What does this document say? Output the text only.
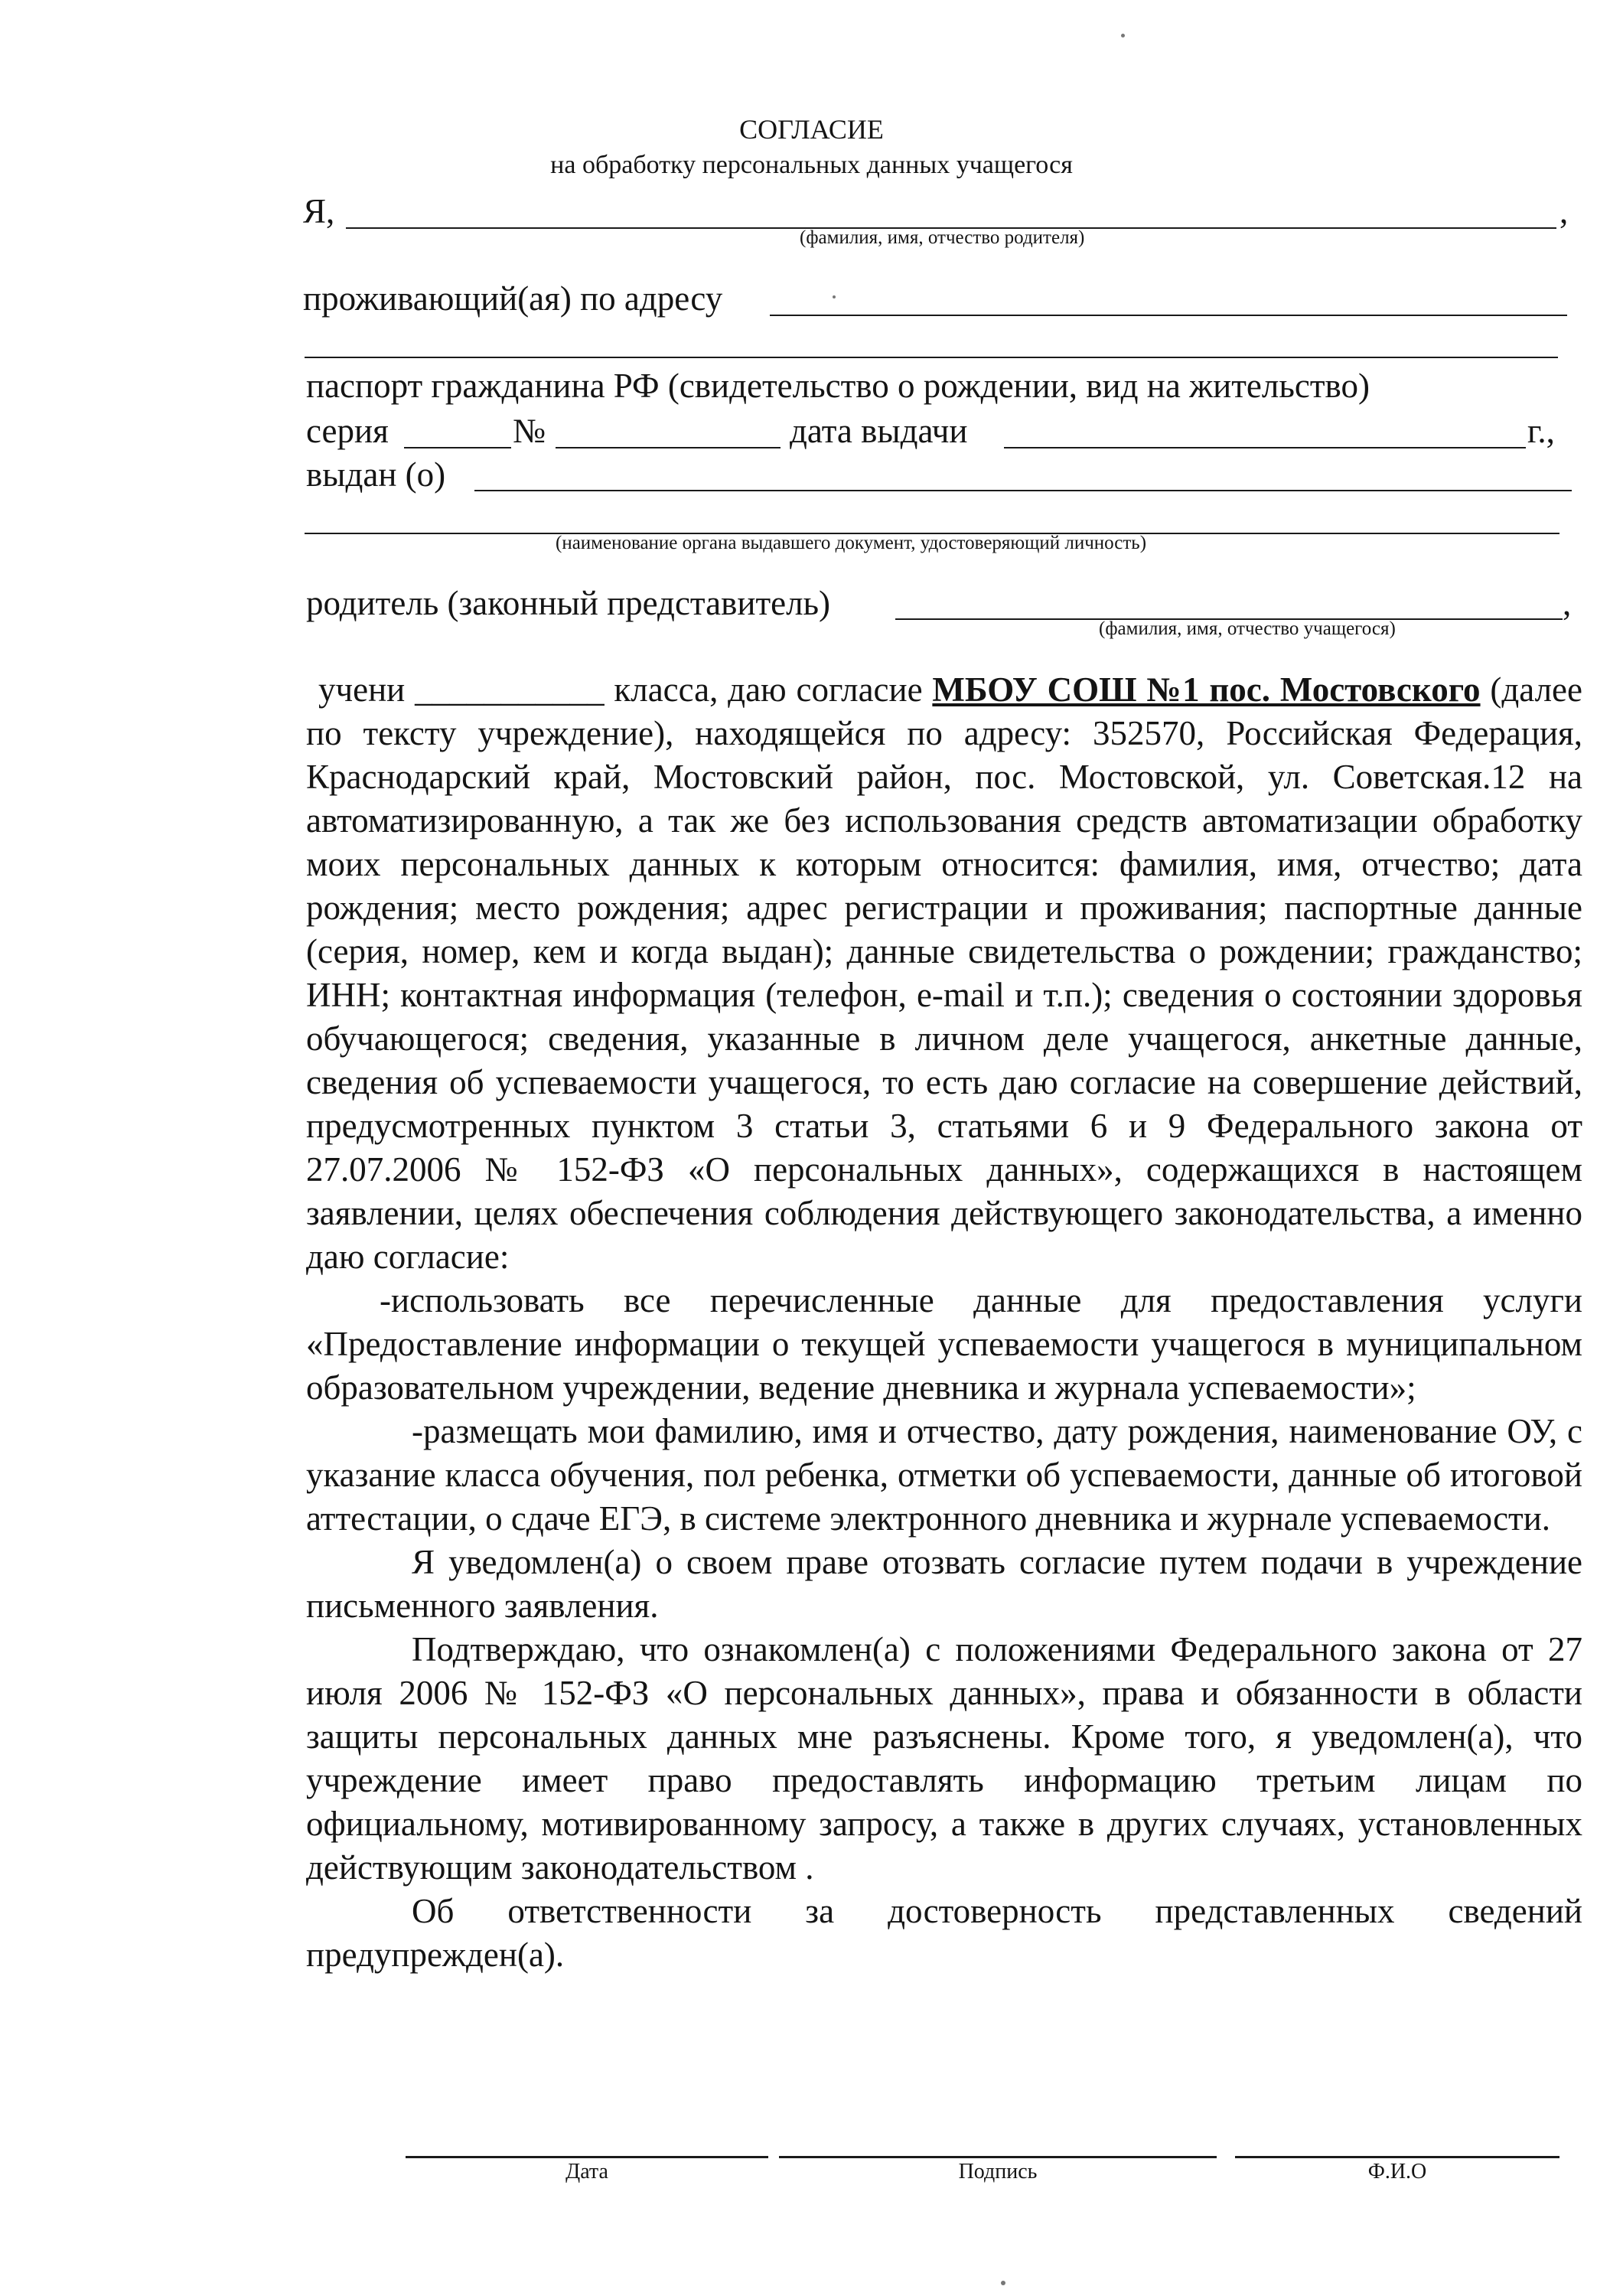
СОГЛАСИЕ
на обработку персональных данных учащегося
Я,	,
(фамилия, имя, отчество родителя)
проживающий(ая) по адресу
паспорт гражданина РФ (свидетельство о рождении, вид на жительство)
серия	№	дата выдачи	г.,
выдан (о)
(наименование органа выдавшего документ, удостоверяющий личность)
родитель (законный представитель)	,
(фамилия, имя, отчество учащегося)

учени ___________ класса, даю согласие МБОУ СОШ №1 пос. Мостовского (далее по тексту учреждение), находящейся по адресу: 352570, Российская Федерация, Краснодарский край, Мостовский район, пос. Мостовской, ул. Советская.12 на автоматизированную, а так же без использования средств автоматизации обработку моих персональных данных к которым относится: фамилия, имя, отчество; дата рождения; место рождения; адрес регистрации и проживания; паспортные данные (серия, номер, кем и когда выдан); данные свидетельства о рождении; гражданство; ИНН; контактная информация (телефон, e-mail и т.п.); сведения о состоянии здоровья обучающегося; сведения, указанные в личном деле учащегося, анкетные данные, сведения об успеваемости учащегося, то есть даю согласие на совершение действий, предусмотренных пунктом 3 статьи 3, статьями 6 и 9 Федерального закона от 27.07.2006 № 152-ФЗ «О персональных данных», содержащихся в настоящем заявлении, целях обеспечения соблюдения действующего законодательства, а именно даю согласие:

-использовать все перечисленные данные для предоставления услуги «Предоставление информации о текущей успеваемости учащегося в муниципальном образовательном учреждении, ведение дневника и журнала успеваемости»;

-размещать мои фамилию, имя и отчество, дату рождения, наименование ОУ, с указание класса обучения, пол ребенка, отметки об успеваемости, данные об итоговой аттестации, о сдаче ЕГЭ, в системе электронного дневника и журнале успеваемости.

Я уведомлен(а) о своем праве отозвать согласие путем подачи в учреждение письменного заявления.

Подтверждаю, что ознакомлен(а) с положениями Федерального закона от 27 июля 2006 № 152-ФЗ «О персональных данных», права и обязанности в области защиты персональных данных мне разъяснены. Кроме того, я уведомлен(а), что учреждение имеет право предоставлять информацию третьим лицам по официальному, мотивированному запросу, а также в других случаях, установленных действующим законодательством .

Об ответственности за достоверность представленных сведений предупрежден(а).

Дата	Подпись	Ф.И.О
